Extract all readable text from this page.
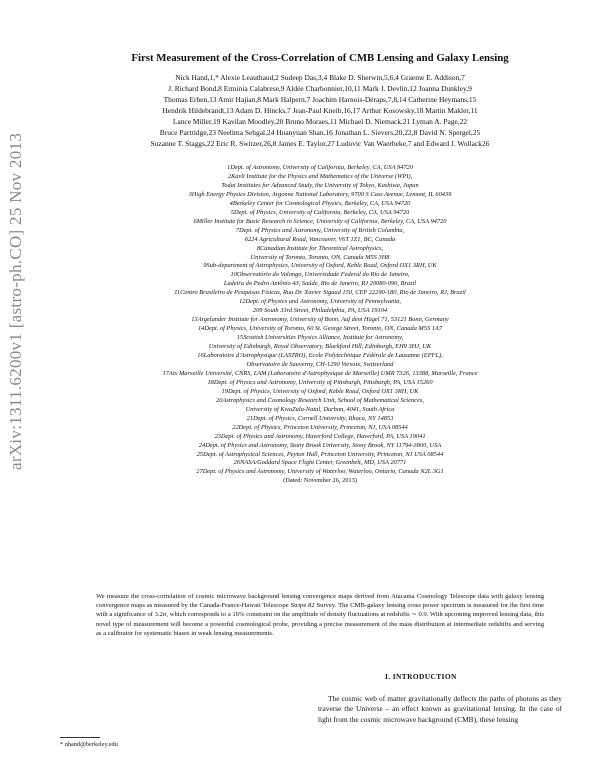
arXiv:1311.6200v1 [astro-ph.CO] 25 Nov 2013
First Measurement of the Cross-Correlation of CMB Lensing and Galaxy Lensing
Nick Hand,1,* Alexie Leauthaud,2 Sudeep Das,3,4 Blake D. Sherwin,5,6,4 Graeme E. Addison,7
J. Richard Bond,8 Erminia Calabrese,9 Aldée Charbonnier,10,11 Mark J. Devlin,12 Joanna Dunkley,9
Thomas Erben,13 Amir Hajian,8 Mark Halpern,7 Joachim Harnois-Déraps,7,8,14 Catherine Heymans,15
Hendrik Hildebrandt,13 Adam D. Hincks,7 Jean-Paul Kneib,16,17 Arthur Kosowsky,18 Martin Makler,11
Lance Miller,19 Kavilan Moodley,20 Bruno Moraes,11 Michael D. Niemack,21 Lyman A. Page,22
Bruce Partridge,23 Neelima Sehgal,24 Huanyuan Shan,16 Jonathan L. Sievers,20,22,8 David N. Spergel,25
Suzanne T. Staggs,22 Eric R. Switzer,26,8 James E. Taylor,27 Ludovic Van Waerbeke,7 and Edward J. Wollack26
1Dept. of Astronomy, University of California, Berkeley, CA, USA 94720
2Kavli Institute for the Physics and Mathematics of the Universe (WPI),
Todai Institutes for Advanced Study, the University of Tokyo, Kashiwa, Japan
3High Energy Physics Division, Argonne National Laboratory, 9700 S Cass Avenue, Lemont, IL 60439
4Berkeley Center for Cosmological Physics, Berkeley, CA, USA 94720
5Dept. of Physics, University of California, Berkeley, CA, USA 94720
6Miller Institute for Basic Research in Science, University of California, Berkeley, CA, USA 94720
7Dept. of Physics and Astronomy, University of British Columbia,
6224 Agricultural Road, Vancouver, V6T 1Z1, BC, Canada
8Canadian Institute for Theoretical Astrophysics,
University of Toronto, Toronto, ON, Canada M5S 3H8
9Sub-department of Astrophysics, University of Oxford, Keble Road, Oxford OX1 3RH, UK
10Observatório do Valongo, Universidade Federal do Rio de Janeiro,
Ladeira do Pedro Antônio 43, Saúde, Rio de Janeiro, RJ 20080-090, Brazil
11Centro Brasileiro de Pesquisas Físicas, Rua Dr. Xavier Sigaud 150, CEP 22290-180, Rio de Janeiro, RJ, Brazil
12Dept. of Physics and Astronomy, University of Pennsylvania,
209 South 33rd Street, Philadelphia, PA, USA 19104
13Argelander Institute for Astronomy, University of Bonn, Auf dem Hügel 71, 53121 Bonn, Germany
14Dept. of Physics, University of Toronto, 60 St. George Street, Toronto, ON, Canada M5S 1A7
15Scottish Universities Physics Alliance, Institute for Astronomy,
University of Edinburgh, Royal Observatory, Blackford Hill, Edinburgh, EH9 3HJ, UK
16Laboratoire d'Astrophysique (LASTRO), Ecole Polytechnique Fédérale de Lausanne (EPFL),
Observatoire de Sauverny, CH-1290 Versoix, Switzerland
17Aix Marseille Université, CNRS, LAM (Laboratoire d'Astrophysique de Marseille) UMR 7326, 13388, Marseille, France
18Dept. of Physics and Astronomy, University of Pittsburgh, Pittsburgh, PA, USA 15260
19Dept. of Physics, University of Oxford, Keble Road, Oxford OX1 3RH, UK
20Astrophysics and Cosmology Research Unit, School of Mathematical Sciences,
University of KwaZulu-Natal, Durban, 4041, South Africa
21Dept. of Physics, Cornell University, Ithaca, NY 14853
22Dept. of Physics, Princeton University, Princeton, NJ, USA 08544
23Dept. of Physics and Astronomy, Haverford College, Haverford, PA, USA 19041
24Dept. of Physics and Astronomy, Stony Brook University, Stony Brook, NY 11794-3800, USA
25Dept. of Astrophysical Sciences, Peyton Hall, Princeton University, Princeton, NJ USA 08544
26NASA/Goddard Space Flight Center, Greenbelt, MD, USA 20771
27Dept. of Physics and Astronomy, University of Waterloo, Waterloo, Ontario, Canada N2L 3G1
(Dated: November 26, 2013)
We measure the cross-correlation of cosmic microwave background lensing convergence maps derived from Atacama Cosmology Telescope data with galaxy lensing convergence maps as measured by the Canada-France-Hawaii Telescope Stripe 82 Survey. The CMB-galaxy lensing cross power spectrum is measured for the first time with a significance of 3.2σ, which corresponds to a 16% constraint on the amplitude of density fluctuations at redshifts ∼ 0.9. With upcoming improved lensing data, this novel type of measurement will become a powerful cosmological probe, providing a precise measurement of the mass distribution at intermediate redshifts and serving as a calibrator for systematic biases in weak lensing measurements.
I. INTRODUCTION
The cosmic web of matter gravitationally deflects the paths of photons as they traverse the Universe – an effect known as gravitational lensing. In the case of light from the cosmic microwave background (CMB), these lensing
* nhand@berkeley.edu
